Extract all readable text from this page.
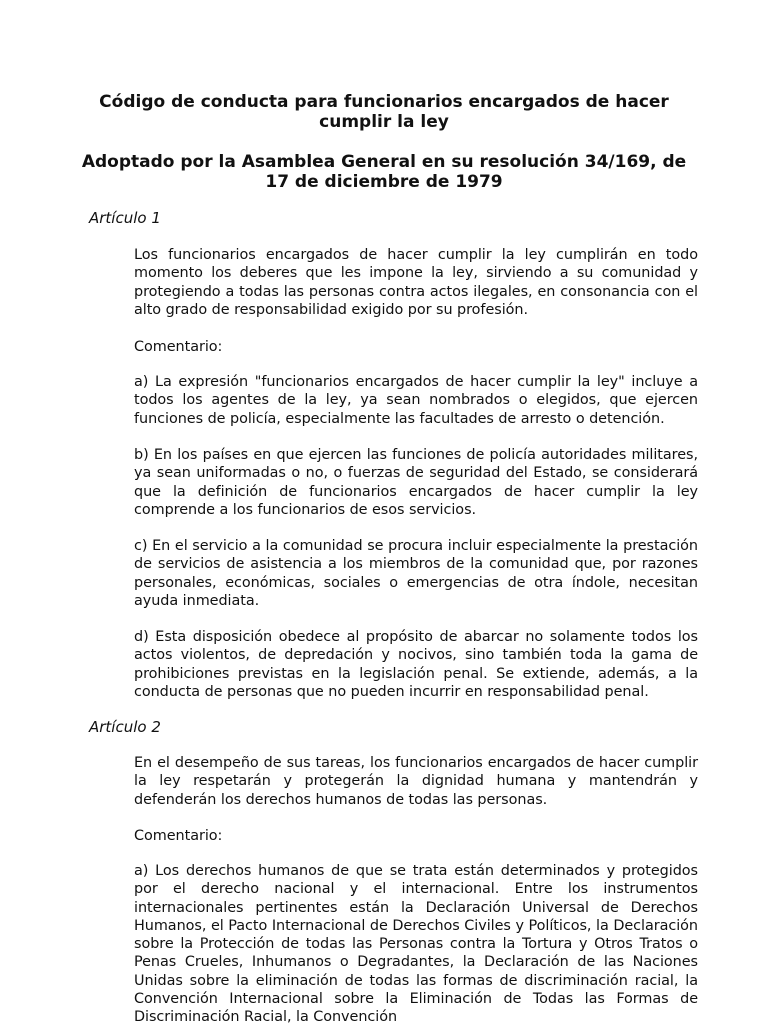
Código de conducta para funcionarios encargados de hacer cumplir la ley
Adoptado por la Asamblea General en su resolución 34/169, de 17 de diciembre de 1979

Artículo 1

Los funcionarios encargados de hacer cumplir la ley cumplirán en todo momento los deberes que les impone la ley, sirviendo a su comunidad y protegiendo a todas las personas contra actos ilegales, en consonancia con el alto grado de responsabilidad exigido por su profesión.

Comentario:

a) La expresión "funcionarios encargados de hacer cumplir la ley" incluye a todos los agentes de la ley, ya sean nombrados o elegidos, que ejercen funciones de policía, especialmente las facultades de arresto o detención.

b) En los países en que ejercen las funciones de policía autoridades militares, ya sean uniformadas o no, o fuerzas de seguridad del Estado, se considerará que la definición de funcionarios encargados de hacer cumplir la ley comprende a los funcionarios de esos servicios.

c) En el servicio a la comunidad se procura incluir especialmente la prestación de servicios de asistencia a los miembros de la comunidad que, por razones personales, económicas, sociales o emergencias de otra índole, necesitan ayuda inmediata.

d) Esta disposición obedece al propósito de abarcar no solamente todos los actos violentos, de depredación y nocivos, sino también toda la gama de prohibiciones previstas en la legislación penal. Se extiende, además, a la conducta de personas que no pueden incurrir en responsabilidad penal.

Artículo 2

En el desempeño de sus tareas, los funcionarios encargados de hacer cumplir la ley respetarán y protegerán la dignidad humana y mantendrán y defenderán los derechos humanos de todas las personas.

Comentario:

a) Los derechos humanos de que se trata están determinados y protegidos por el derecho nacional y el internacional. Entre los instrumentos internacionales pertinentes están la Declaración Universal de Derechos Humanos, el Pacto Internacional de Derechos Civiles y Políticos, la Declaración sobre la Protección de todas las Personas contra la Tortura y Otros Tratos o Penas Crueles, Inhumanos o Degradantes, la Declaración de las Naciones Unidas sobre la eliminación de todas las formas de discriminación racial, la Convención Internacional sobre la Eliminación de Todas las Formas de Discriminación Racial, la Convención
